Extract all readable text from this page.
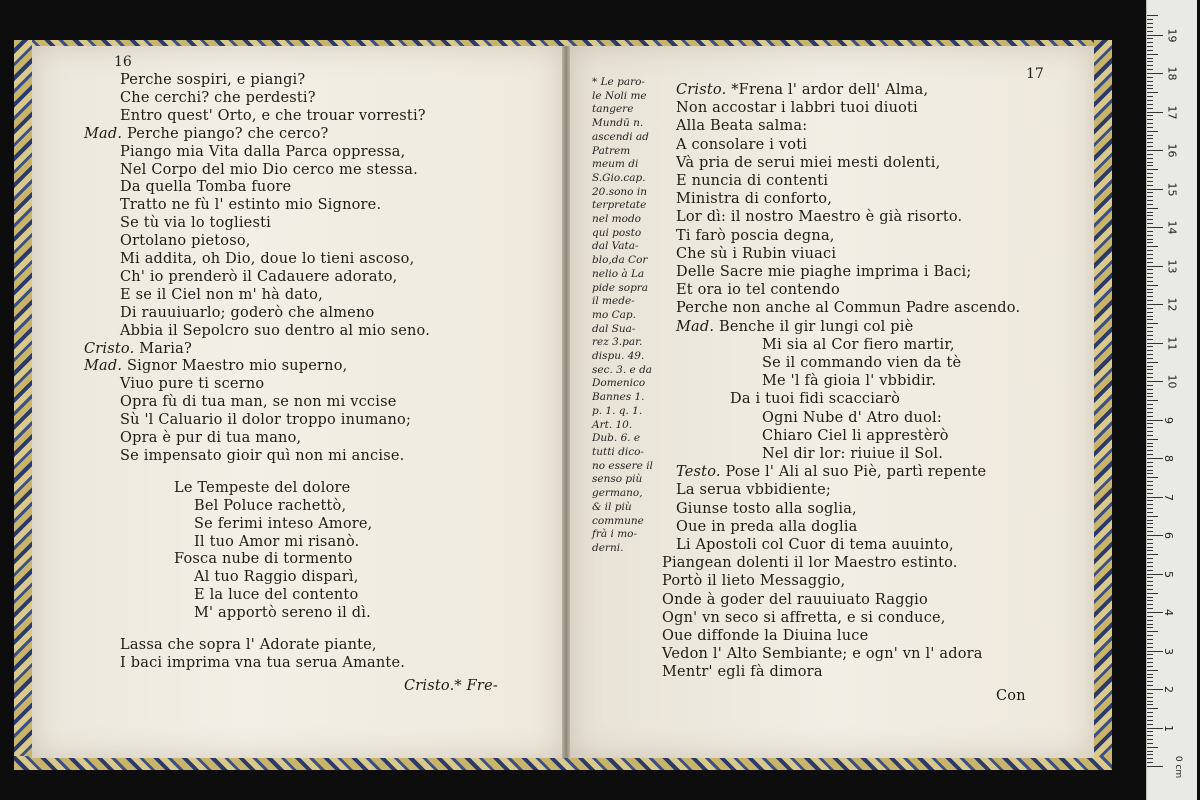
16
Perche sospiri, e piangi?
Che cerchi? che perdesti?
Entro quest' Orto, e che trouar vorresti?
Mad. Perche piango? che cerco?
Piango mia Vita dalla Parca oppressa,
Nel Corpo del mio Dio cerco me stessa.
Da quella Tomba fuore
Tratto ne fù l' estinto mio Signore.
Se tù via lo togliesti
Ortolano pietoso,
Mi addita, oh Dio, doue lo tieni ascoso,
Ch' io prenderò il Cadauere adorato,
E se il Ciel non m' hà dato,
Di rauuiuarlo; goderò che almeno
Abbia il Sepolcro suo dentro al mio seno.
Cristo. Maria?
Mad. Signor Maestro mio superno,
Viuo pure ti scerno
Opra fù di tua man, se non mi vccise
Sù 'l Caluario il dolor troppo inumano;
Opra è pur di tua mano,
Se impensato gioir quì non mi ancise.
Le Tempeste del dolore
Bel Poluce rachettò,
Se ferimi inteso Amore,
Il tuo Amor mi risanò.
Fosca nube di tormento
Al tuo Raggio disparì,
E la luce del contento
M' apportò sereno il dì.
Lassa che sopra l' Adorate piante,
I baci imprima vna tua serua Amante.
Cristo.* Fre-
17
* Le paro-
le Noli me
tangere
Mundū n.
ascendi ad
Patrem
meum di
S.Gio.cap.
20.sono in
terpretate
nel modo
qui posto
dal Vata-
blo,da Cor
nelio à La
pide sopra
il mede-
mo Cap.
dal Sua-
rez 3.par.
dispu. 49.
sec. 3. e da
Domenico
Bannes 1.
p. 1. q. 1.
Art. 10.
Dub. 6. e
tutti dico-
no essere il
senso più
germano,
& il più
commune
frà i mo-
derni.
Cristo. *Frena l' ardor dell' Alma,
Non accostar i labbri tuoi diuoti
Alla Beata salma:
A consolare i voti
Và pria de serui miei mesti dolenti,
E nuncia di contenti
Ministra di conforto,
Lor dì: il nostro Maestro è già risorto.
Ti farò poscia degna,
Che sù i Rubin viuaci
Delle Sacre mie piaghe imprima i Baci;
Et ora io tel contendo
Perche non anche al Commun Padre ascendo.
Mad. Benche il gir lungi col piè
Mi sia al Cor fiero martir,
Se il commando vien da tè
Me 'l fà gioia l' vbbidir.
Da i tuoi fidi scacciarò
Ogni Nube d' Atro duol:
Chiaro Ciel li apprestèrò
Nel dir lor: riuiue il Sol.
Testo. Pose l' Ali al suo Piè, partì repente
La serua vbbidiente;
Giunse tosto alla soglia,
Oue in preda alla doglia
Li Apostoli col Cuor di tema auuinto,
Piangean dolenti il lor Maestro estinto.
Portò il lieto Messaggio,
Onde à goder del rauuiuato Raggio
Ogn' vn seco si affretta, e si conduce,
Oue diffonde la Diuina luce
Vedon l' Alto Sembiante; e ogn' vn l' adora
Mentr' egli fà dimora
Con
0 cm
1
2
3
4
5
6
7
8
9
10
11
12
13
14
15
16
17
18
19
